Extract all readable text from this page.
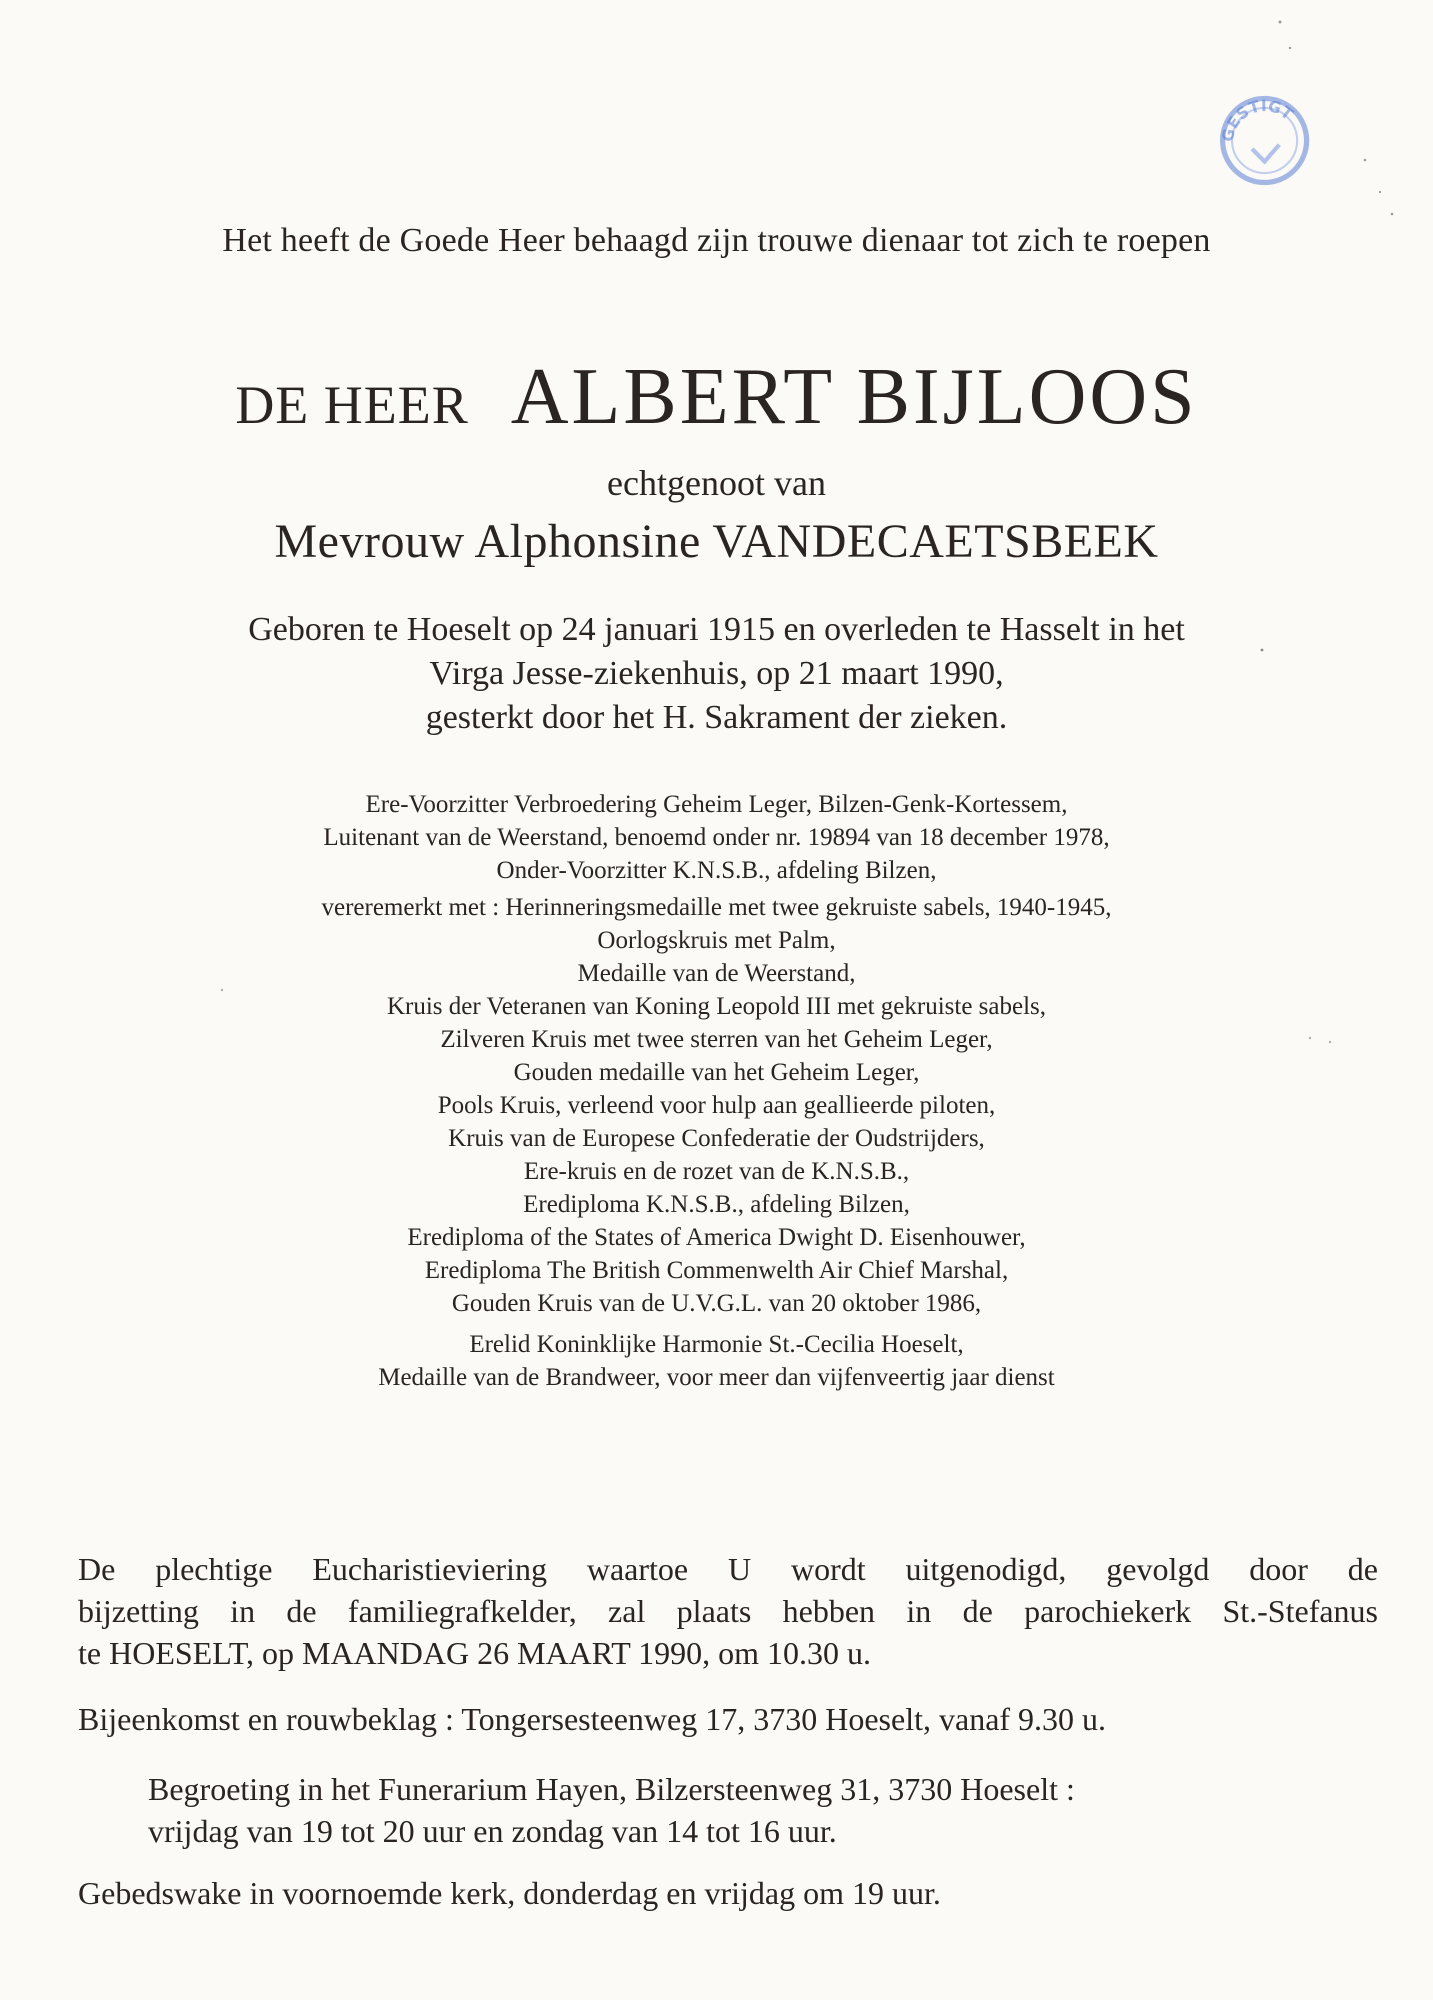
GESTIGT
Het heeft de Goede Heer behaagd zijn trouwe dienaar tot zich te roepen
DE HEER ALBERT BIJLOOS
echtgenoot van
Mevrouw Alphonsine VANDECAETSBEEK
Geboren te Hoeselt op 24 januari 1915 en overleden te Hasselt in het
Virga Jesse-ziekenhuis, op 21 maart 1990,
gesterkt door het H. Sakrament der zieken.
Ere-Voorzitter Verbroedering Geheim Leger, Bilzen-Genk-Kortessem,
Luitenant van de Weerstand, benoemd onder nr. 19894 van 18 december 1978,
Onder-Voorzitter K.N.S.B., afdeling Bilzen,
vereremerkt met : Herinneringsmedaille met twee gekruiste sabels, 1940-1945,
Oorlogskruis met Palm,
Medaille van de Weerstand,
Kruis der Veteranen van Koning Leopold III met gekruiste sabels,
Zilveren Kruis met twee sterren van het Geheim Leger,
Gouden medaille van het Geheim Leger,
Pools Kruis, verleend voor hulp aan geallieerde piloten,
Kruis van de Europese Confederatie der Oudstrijders,
Ere-kruis en de rozet van de K.N.S.B.,
Erediploma K.N.S.B., afdeling Bilzen,
Erediploma of the States of America Dwight D. Eisenhouwer,
Erediploma The British Commenwelth Air Chief Marshal,
Gouden Kruis van de U.V.G.L. van 20 oktober 1986,
Erelid Koninklijke Harmonie St.-Cecilia Hoeselt,
Medaille van de Brandweer, voor meer dan vijfenveertig jaar dienst
De plechtige Eucharistieviering waartoe U wordt uitgenodigd, gevolgd door de
bijzetting in de familiegrafkelder, zal plaats hebben in de parochiekerk St.-Stefanus
te HOESELT, op MAANDAG 26 MAART 1990, om 10.30 u.
Bijeenkomst en rouwbeklag : Tongersesteenweg 17, 3730 Hoeselt, vanaf 9.30 u.
Begroeting in het Funerarium Hayen, Bilzersteenweg 31, 3730 Hoeselt :
vrijdag van 19 tot 20 uur en zondag van 14 tot 16 uur.
Gebedswake in voornoemde kerk, donderdag en vrijdag om 19 uur.
